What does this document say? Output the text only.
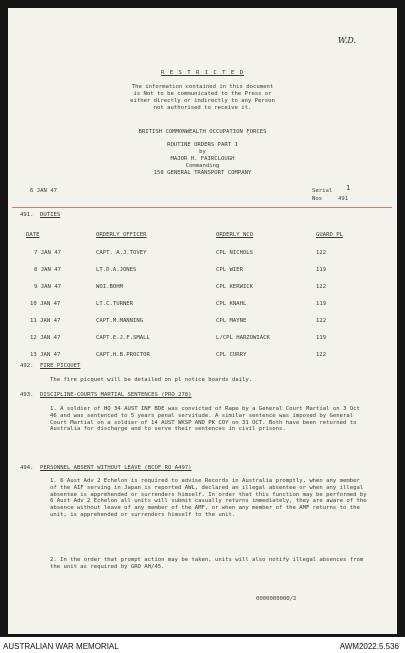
W.D.
R E S T R I C T E D
The information contained in this document
is Not to be communicated to the Press or
either directly or indirectly to any Person
not authorised to receive it.
BRITISH COMMONWEALTH OCCUPATION FORCES
ROUTINE ORDERS PART 1
by
MAJOR H. FAIRCLOUGH
Commanding
158 GENERAL TRANSPORT COMPANY
6 JAN 47	Serial 1
Nos	491
491. DUTIES
DATE	ORDERLY OFFICER	ORDERLY NCO	GUARD PL
7 JAN 47	CAPT. A.J.TOVEY	CPL NICHOLS	122
8 JAN 47	LT.D.A.JONES	CPL WIER	119
9 JAN 47	WOI.BOHM	CPL KERWICK	122
10 JAN 47	LT.C.TURNER	CPL KNAHL	119
11 JAN 47	CAPT.M.MANNING	CPL MAYNE	122
12 JAN 47	CAPT.E.J.F.SMALL	L/CPL HARZOWIACK	119
13 JAN 47	CAPT.H.B.PROCTOR	CPL CURRY	122
492. FIRE PICQUET
The fire picquet will be detailed on pl notice boards daily.
493. DISCIPLINE-COURTS MARTIAL SENTENCES (PRO 278)
1. A soldier of HQ 34 AUST INF BDE was convicted of Rape by a General Court Martial on 3 Oct 46 and was sentenced to 5 years penal servitude. A similar sentence was imposed by General Court Martial on a soldier of 14 AUST WKSP AND PK COY on 31 OCT. Both have been returned to Australia for discharge and to serve their sentences in civil prisons.
494. PERSONNEL ABSENT WITHOUT LEAVE (BCOF RO A497)
1. 6 Aust Adv 2 Echelon is required to advise Records in Australia promptly, when any member of the AIF serving in Japan is reported AWL, declared an illegal absentee or when any illegal absentee is apprehended or surrenders himself. In order that this function may be performed by 6 Aust Adv 2 Echelon all units will submit casually returns immediately, they are aware of the absence without leave of any member of the AMF, or when any member of the AMF returns to the unit, is apprehended or surrenders himself to the unit.
2. In the order that prompt action may be taken, units will also notify illegal absences from the unit as required by GRO AH/45.
0000000000/2
AUSTRALIAN WAR MEMORIAL	AWM2022.5.536
